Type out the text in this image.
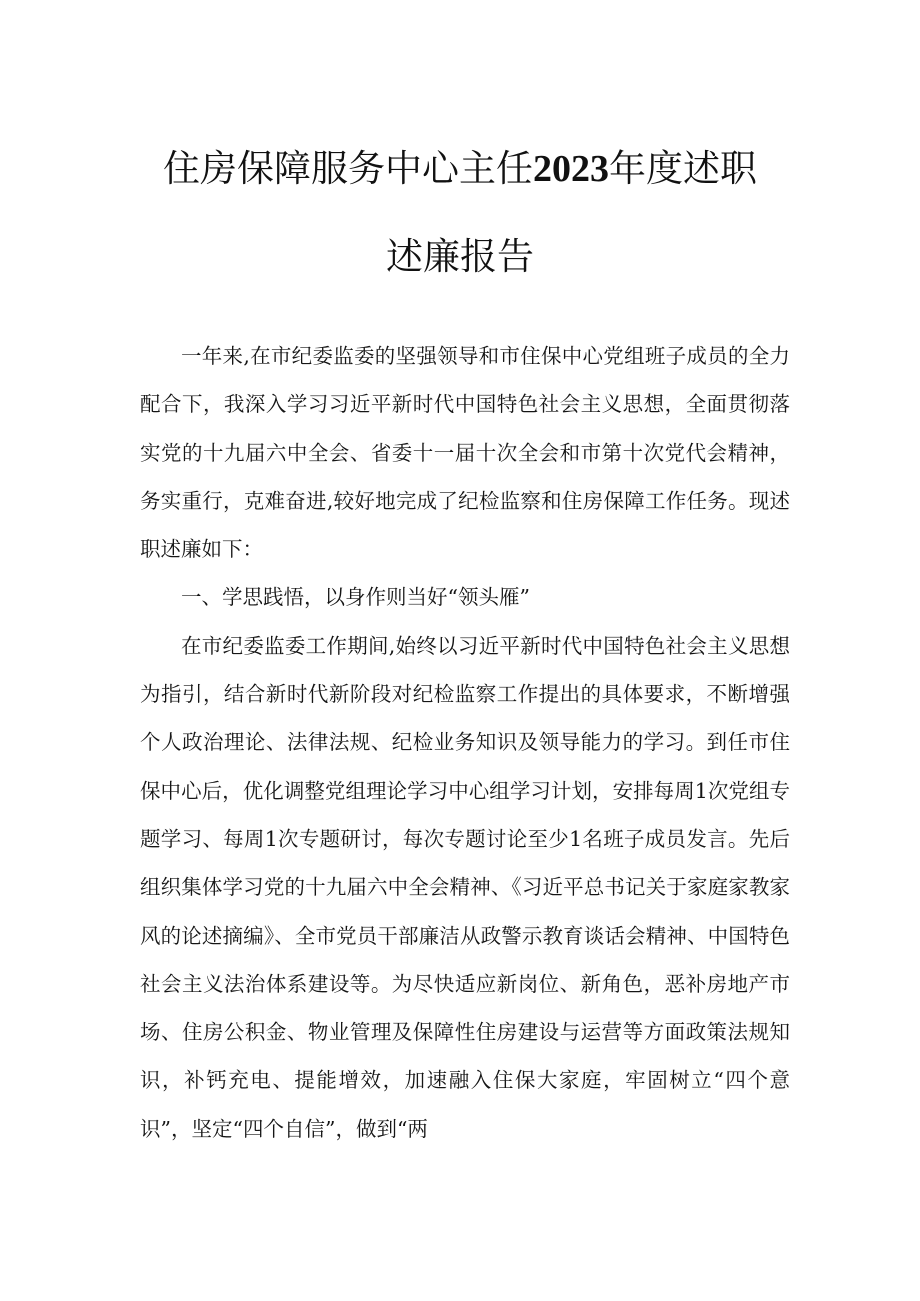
住房保障服务中心主任2023年度述职
述廉报告

一年来,在市纪委监委的坚强领导和市住保中心党组班子成员的全力配合下，我深入学习习近平新时代中国特色社会主义思想，全面贯彻落实党的十九届六中全会、省委十一届十次全会和市第十次党代会精神，务实重行，克难奋进,较好地完成了纪检监察和住房保障工作任务。现述职述廉如下：

一、学思践悟，以身作则当好“领头雁”

在市纪委监委工作期间,始终以习近平新时代中国特色社会主义思想为指引，结合新时代新阶段对纪检监察工作提出的具体要求，不断增强个人政治理论、法律法规、纪检业务知识及领导能力的学习。到任市住保中心后，优化调整党组理论学习中心组学习计划，安排每周1次党组专题学习、每周1次专题研讨，每次专题讨论至少1名班子成员发言。先后组织集体学习党的十九届六中全会精神、《习近平总书记关于家庭家教家风的论述摘编》、全市党员干部廉洁从政警示教育谈话会精神、中国特色社会主义法治体系建设等。为尽快适应新岗位、新角色，恶补房地产市场、住房公积金、物业管理及保障性住房建设与运营等方面政策法规知识，补钙充电、提能增效，加速融入住保大家庭，牢固树立“四个意识”，坚定“四个自信”，做到“两
